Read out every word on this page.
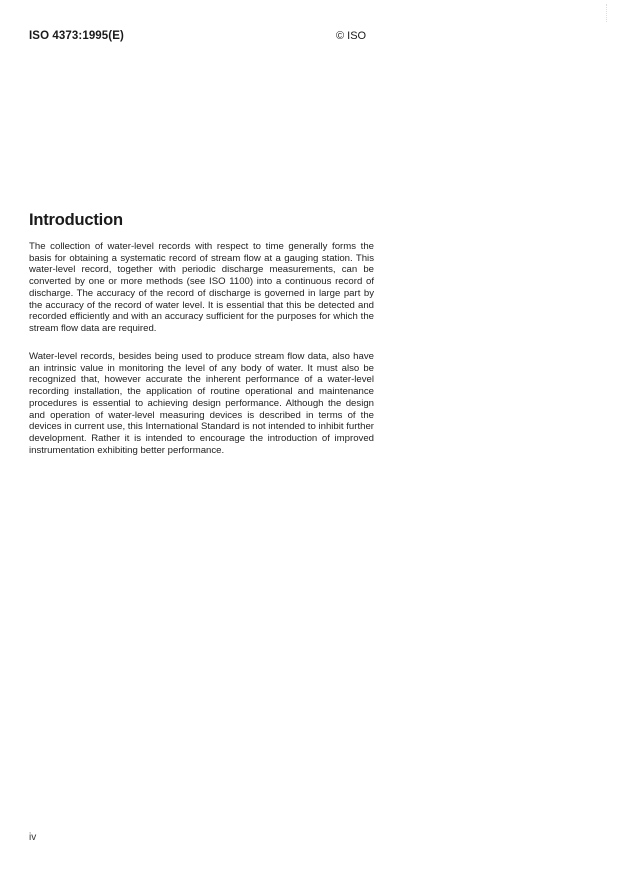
ISO 4373:1995(E)	© ISO
Introduction

The collection of water-level records with respect to time generally forms the basis for obtaining a systematic record of stream flow at a gauging station. This water-level record, together with periodic discharge measurements, can be converted by one or more methods (see ISO 1100) into a continuous record of discharge. The accuracy of the record of discharge is governed in large part by the accuracy of the record of water level. It is essential that this be detected and recorded efficiently and with an accuracy sufficient for the purposes for which the stream flow data are required.

Water-level records, besides being used to produce stream flow data, also have an intrinsic value in monitoring the level of any body of water. It must also be recognized that, however accurate the inherent performance of a water-level recording installation, the application of routine operational and maintenance procedures is essential to achieving design performance. Although the design and operation of water-level measuring devices is described in terms of the devices in current use, this International Standard is not intended to inhibit further development. Rather it is intended to encourage the introduction of improved instrumentation exhibiting better performance.

iv
